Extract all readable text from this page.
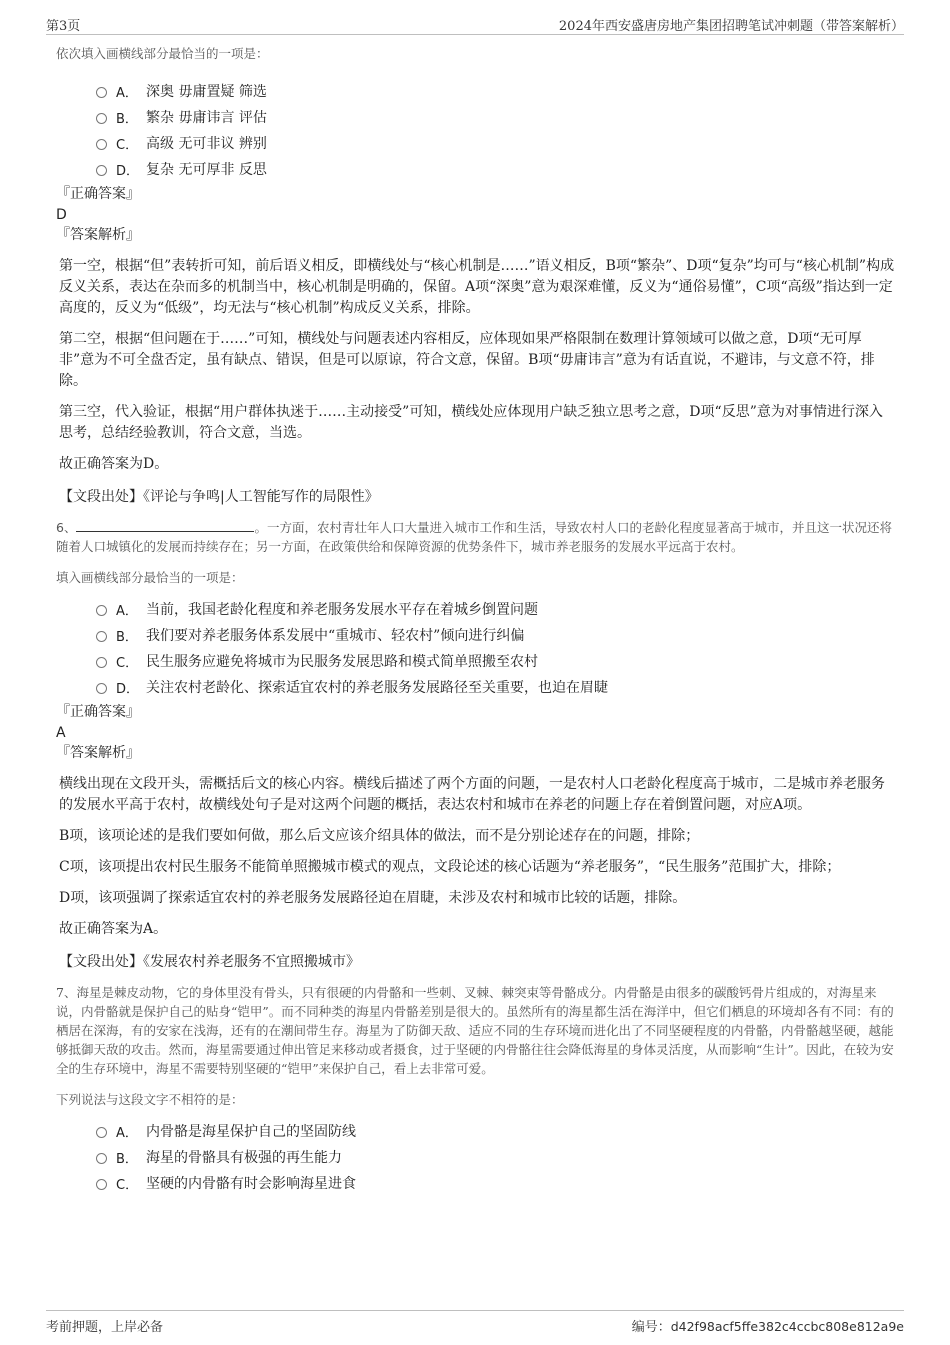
第3页	2024年西安盛唐房地产集团招聘笔试冲刺题（带答案解析）

依次填入画横线部分最恰当的一项是：

A． 深奥 毋庸置疑 筛选
B． 繁杂 毋庸讳言 评估
C． 高级 无可非议 辨别
D． 复杂 无可厚非 反思

『正确答案』

D

『答案解析』

第一空，根据“但”表转折可知，前后语义相反，即横线处与“核心机制是……”语义相反，B项“繁杂”、D项“复杂”均可与“核心机制”构成反义关系，表达在杂而多的机制当中，核心机制是明确的，保留。A项“深奥”意为艰深难懂，反义为“通俗易懂”，C项“高级”指达到一定高度的，反义为“低级”，均无法与“核心机制”构成反义关系，排除。

第二空，根据“但问题在于……”可知，横线处与问题表述内容相反，应体现如果严格限制在数理计算领域可以做之意，D项“无可厚非”意为不可全盘否定，虽有缺点、错误，但是可以原谅，符合文意，保留。B项“毋庸讳言”意为有话直说，不避讳，与文意不符，排除。

第三空，代入验证，根据“用户群体执迷于……主动接受”可知，横线处应体现用户缺乏独立思考之意，D项“反思”意为对事情进行深入思考，总结经验教训，符合文意，当选。

故正确答案为D。

【文段出处】《评论与争鸣|人工智能写作的局限性》

6、	。一方面，农村青壮年人口大量进入城市工作和生活，导致农村人口的老龄化程度显著高于城市，并且这一状况还将随着人口城镇化的发展而持续存在；另一方面，在政策供给和保障资源的优势条件下，城市养老服务的发展水平远高于农村。

填入画横线部分最恰当的一项是：

A． 当前，我国老龄化程度和养老服务发展水平存在着城乡倒置问题
B． 我们要对养老服务体系发展中“重城市、轻农村”倾向进行纠偏
C． 民生服务应避免将城市为民服务发展思路和模式简单照搬至农村
D． 关注农村老龄化、探索适宜农村的养老服务发展路径至关重要，也迫在眉睫

『正确答案』

A

『答案解析』

横线出现在文段开头，需概括后文的核心内容。横线后描述了两个方面的问题，一是农村人口老龄化程度高于城市，二是城市养老服务的发展水平高于农村，故横线处句子是对这两个问题的概括，表达农村和城市在养老的问题上存在着倒置问题，对应A项。

B项，该项论述的是我们要如何做，那么后文应该介绍具体的做法，而不是分别论述存在的问题，排除；

C项，该项提出农村民生服务不能简单照搬城市模式的观点，文段论述的核心话题为“养老服务”，“民生服务”范围扩大，排除；

D项，该项强调了探索适宜农村的养老服务发展路径迫在眉睫，未涉及农村和城市比较的话题，排除。

故正确答案为A。

【文段出处】《发展农村养老服务不宜照搬城市》

7、海星是棘皮动物，它的身体里没有骨头，只有很硬的内骨骼和一些刺、叉棘、棘突束等骨骼成分。内骨骼是由很多的碳酸钙骨片组成的，对海星来说，内骨骼就是保护自己的贴身“铠甲”。而不同种类的海星内骨骼差别是很大的。虽然所有的海星都生活在海洋中，但它们栖息的环境却各有不同：有的栖居在深海，有的安家在浅海，还有的在潮间带生存。海星为了防御天敌、适应不同的生存环境而进化出了不同坚硬程度的内骨骼，内骨骼越坚硬，越能够抵御天敌的攻击。然而，海星需要通过伸出管足来移动或者摄食，过于坚硬的内骨骼往往会降低海星的身体灵活度，从而影响“生计”。因此，在较为安全的生存环境中，海星不需要特别坚硬的“铠甲”来保护自己，看上去非常可爱。

下列说法与这段文字不相符的是：

A． 内骨骼是海星保护自己的坚固防线
B． 海星的骨骼具有极强的再生能力
C． 坚硬的内骨骼有时会影响海星进食
考前押题，上岸必备	编号：d42f98acf5ffe382c4ccbc808e812a9e
